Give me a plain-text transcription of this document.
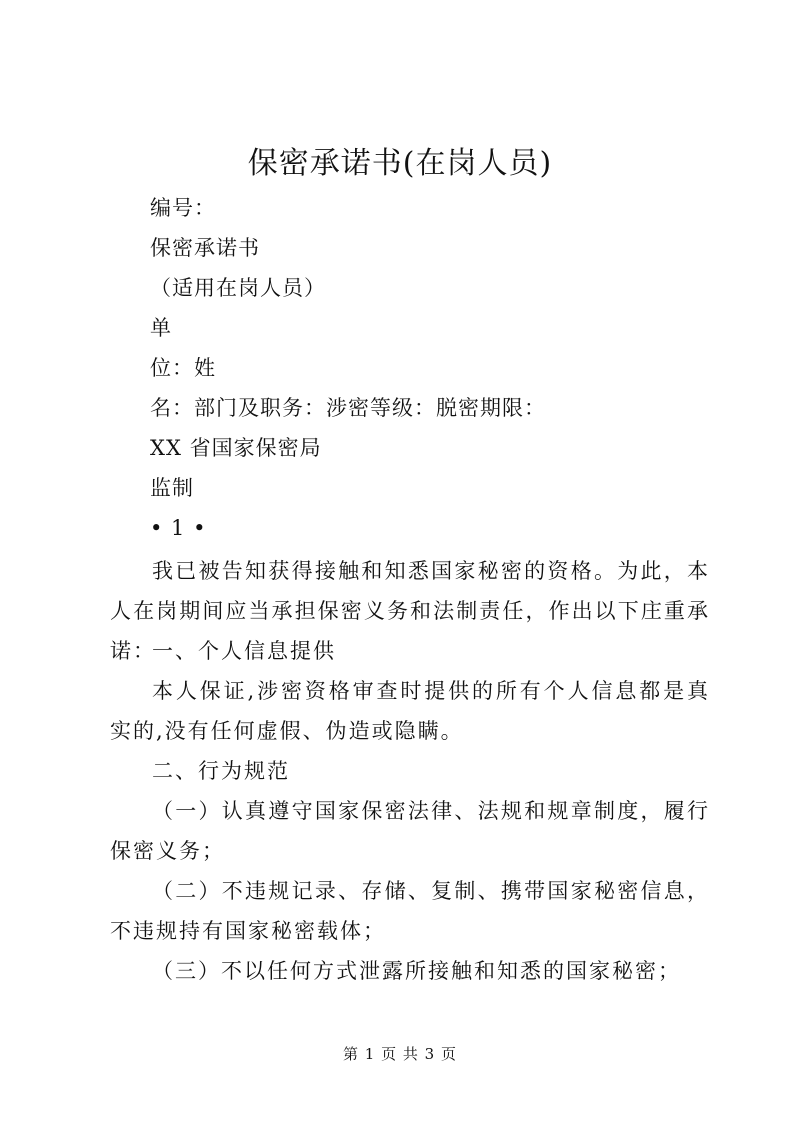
保密承诺书(在岗人员)
编号：
保密承诺书
（适用在岗人员）
单
位：姓
名：部门及职务：涉密等级：脱密期限：
XX 省国家保密局
监制
• 1 •
我已被告知获得接触和知悉国家秘密的资格。为此，本人在岗期间应当承担保密义务和法制责任，作出以下庄重承诺：
一、个人信息提供
本人保证,涉密资格审查时提供的所有个人信息都是真实的,没有任何虚假、伪造或隐瞒。
二、行为规范
（一）认真遵守国家保密法律、法规和规章制度，履行保密义务；
（二）不违规记录、存储、复制、携带国家秘密信息，不违规持有国家秘密载体；
（三）不以任何方式泄露所接触和知悉的国家秘密；
第 1 页 共 3 页
